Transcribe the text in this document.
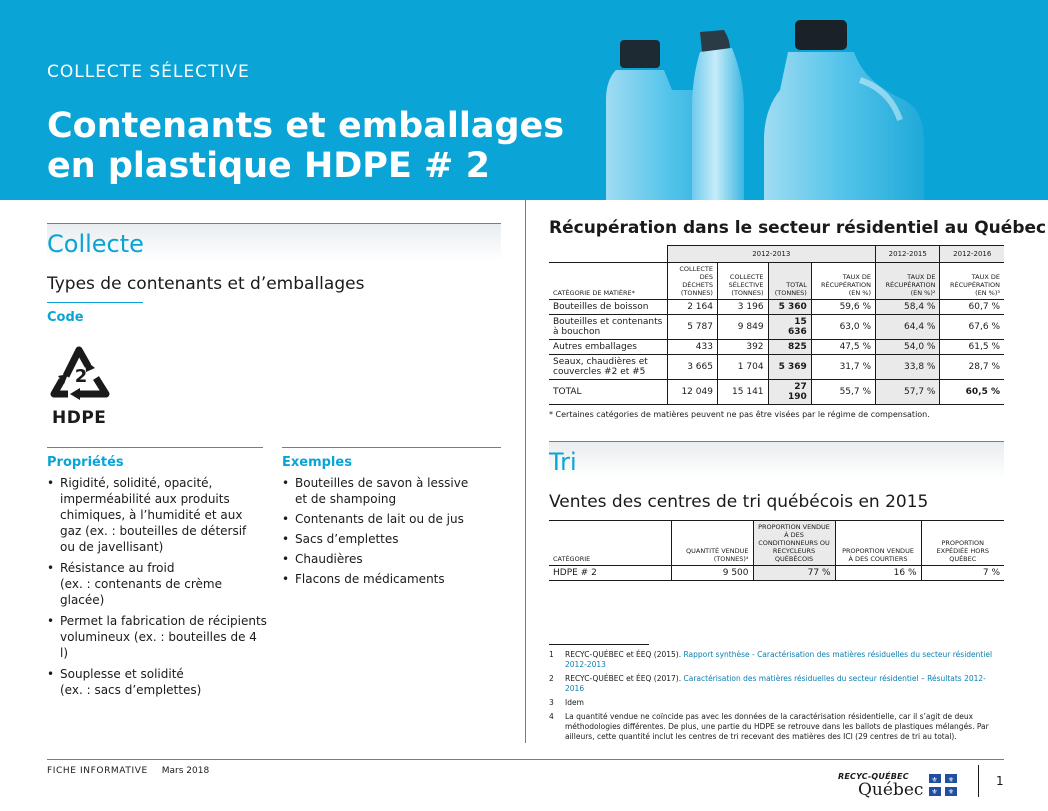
COLLECTE SÉLECTIVE
Contenants et emballages
en plastique HDPE # 2
Collecte
Types de contenants et d’emballages
Code
2
HDPE
Propriétés
• Rigidité, solidité, opacité,
imperméabilité aux produits
chimiques, à l’humidité et aux
gaz (ex. : bouteilles de détersif
ou de javellisant)
• Résistance au froid
(ex. : contenants de crème glacée)
• Permet la fabrication de récipients
volumineux (ex. : bouteilles de 4 l)
• Souplesse et solidité
(ex. : sacs d’emplettes)
Exemples
• Bouteilles de savon à lessive
et de shampoing
• Contenants de lait ou de jus
• Sacs d’emplettes
• Chaudières
• Flacons de médicaments
Récupération dans le secteur résidentiel au Québec
	2012-2013				2012-2015	2012-2016
CATÉGORIE DE MATIÈRE*	COLLECTE DES DÉCHETS (TONNES)	COLLECTE SÉLECTIVE (TONNES)	TOTAL (TONNES)	TAUX DE RÉCUPÉRATION (EN %)	TAUX DE RÉCUPÉRATION (EN %)²	TAUX DE RÉCUPÉRATION (EN %)³
Bouteilles de boisson	2 164	3 196	5 360	59,6 %	58,4 %	60,7 %
Bouteilles et contenants à bouchon	5 787	9 849	15 636	63,0 %	64,4 %	67,6 %
Autres emballages	433	392	825	47,5 %	54,0 %	61,5 %
Seaux, chaudières et couvercles #2 et #5	3 665	1 704	5 369	31,7 %	33,8 %	28,7 %
TOTAL	12 049	15 141	27 190	55,7 %	57,7 %	60,5 %
* Certaines catégories de matières peuvent ne pas être visées par le régime de compensation.
Tri
Ventes des centres de tri québécois en 2015
CATÉGORIE	QUANTITÉ VENDUE (TONNES)⁴	PROPORTION VENDUE À DES CONDITIONNEURS OU RECYCLEURS QUÉBÉCOIS	PROPORTION VENDUE À DES COURTIERS	PROPORTION EXPÉDIÉE HORS QUÉBEC
HDPE # 2	9 500	77 %	16 %	7 %
1 RECYC-QUÉBEC et ÉEQ (2015). Rapport synthèse - Caractérisation des matières résiduelles du secteur résidentiel 2012-2013
2 RECYC-QUÉBEC et ÉEQ (2017). Caractérisation des matières résiduelles du secteur résidentiel – Résultats 2012-2016
3 Idem
4 La quantité vendue ne coïncide pas avec les données de la caractérisation résidentielle, car il s’agit de deux méthodologies différentes. De plus, une partie du HDPE se retrouve dans les ballots de plastiques mélangés. Par ailleurs, cette quantité inclut les centres de tri recevant des matières des ICI (29 centres de tri au total).
FICHE INFORMATIVE Mars 2018
RECYC-QUÉBEC
Québec ⚜ ⚜
⚜ ⚜
1
